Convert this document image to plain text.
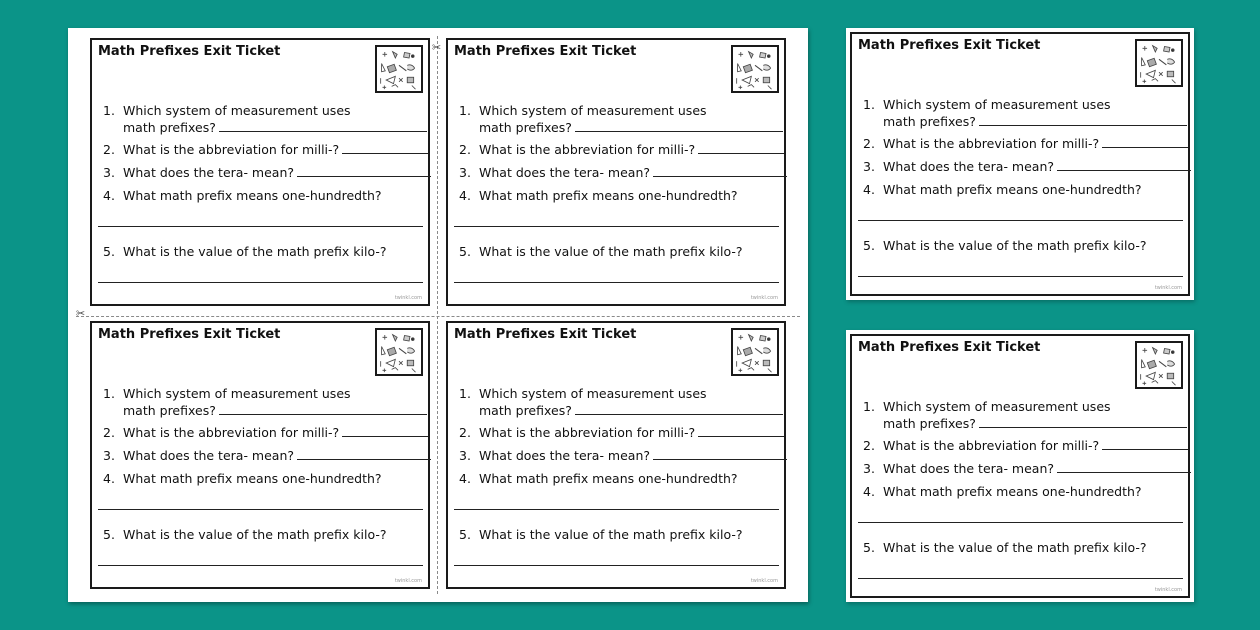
✂
✂
Math Prefixes Exit Ticket
1. Which system of measurement uses
math prefixes?
2. What is the abbreviation for milli-?
3. What does the tera- mean?
4. What math prefix means one-hundredth?
5. What is the value of the math prefix kilo-?
twinkl.com
Math Prefixes Exit Ticket
1. Which system of measurement uses
math prefixes?
2. What is the abbreviation for milli-?
3. What does the tera- mean?
4. What math prefix means one-hundredth?
5. What is the value of the math prefix kilo-?
twinkl.com
Math Prefixes Exit Ticket
1. Which system of measurement uses
math prefixes?
2. What is the abbreviation for milli-?
3. What does the tera- mean?
4. What math prefix means one-hundredth?
5. What is the value of the math prefix kilo-?
twinkl.com
Math Prefixes Exit Ticket
1. Which system of measurement uses
math prefixes?
2. What is the abbreviation for milli-?
3. What does the tera- mean?
4. What math prefix means one-hundredth?
5. What is the value of the math prefix kilo-?
twinkl.com
Math Prefixes Exit Ticket
1. Which system of measurement uses
math prefixes?
2. What is the abbreviation for milli-?
3. What does the tera- mean?
4. What math prefix means one-hundredth?
5. What is the value of the math prefix kilo-?
twinkl.com
Math Prefixes Exit Ticket
1. Which system of measurement uses
math prefixes?
2. What is the abbreviation for milli-?
3. What does the tera- mean?
4. What math prefix means one-hundredth?
5. What is the value of the math prefix kilo-?
twinkl.com
